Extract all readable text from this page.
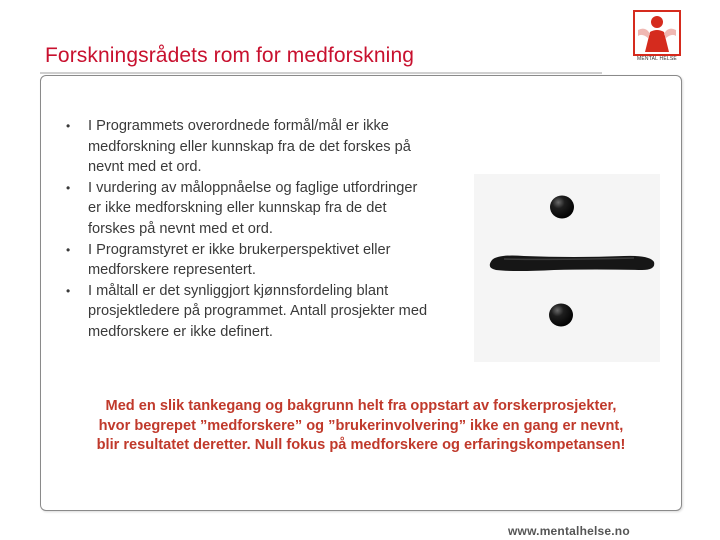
Forskningsrådets rom for medforskning	MENTAL HELSE
• I Programmets overordnede formål/mål er ikke
medforskning eller kunnskap fra de det forskes på
nevnt med et ord.
• I vurdering av måloppnåelse og faglige utfordringer
er ikke medforskning eller kunnskap fra de det
forskes på nevnt med et ord.
• I Programstyret er ikke brukerperspektivet eller
medforskere representert.
• I måltall er det synliggjort kjønnsfordeling blant
prosjektledere på programmet. Antall prosjekter med
medforskere er ikke definert.
Med en slik tankegang og bakgrunn helt fra oppstart av forskerprosjekter,
hvor begrepet ”medforskere” og ”brukerinvolvering” ikke en gang er nevnt,
blir resultatet deretter. Null fokus på medforskere og erfaringskompetansen!
www.mentalhelse.no
